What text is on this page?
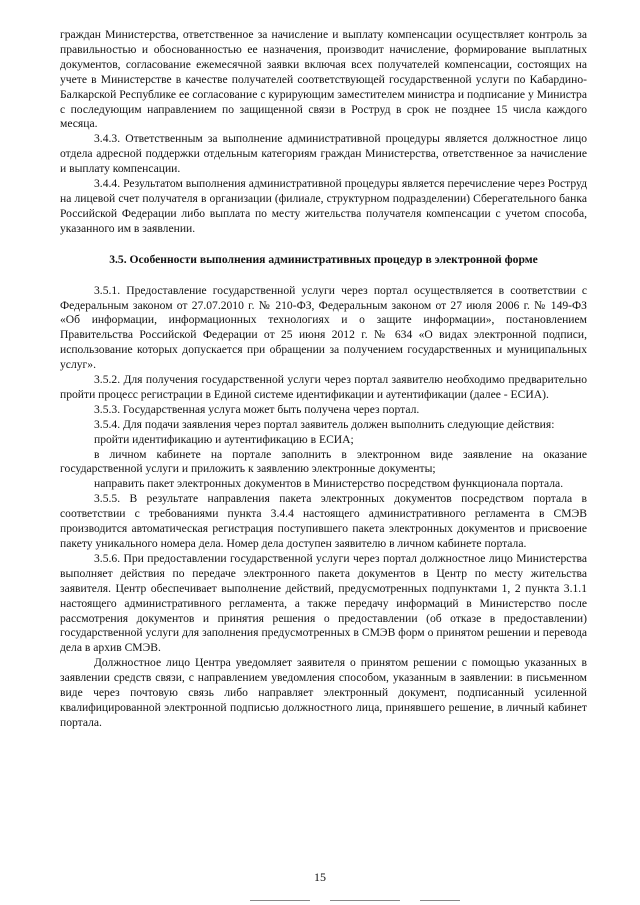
граждан Министерства, ответственное за начисление и выплату компенсации осуществляет контроль за правильностью и обоснованностью ее назначения, производит начисление, формирование выплатных документов, согласование ежемесячной заявки включая всех получателей компенсации, состоящих на учете в Министерстве в качестве получателей соответствующей государственной услуги по Кабардино-Балкарской Республике ее согласование с курирующим заместителем министра и подписание у Министра с последующим направлением по защищенной связи в Роструд в срок не позднее 15 числа каждого месяца.

3.4.3. Ответственным за выполнение административной процедуры является должностное лицо отдела адресной поддержки отдельным категориям граждан Министерства, ответственное за начисление и выплату компенсации.

3.4.4. Результатом выполнения административной процедуры является перечисление через Роструд на лицевой счет получателя в организации (филиале, структурном подразделении) Сберегательного банка Российской Федерации либо выплата по месту жительства получателя компенсации с учетом способа, указанного им в заявлении.

3.5. Особенности выполнения административных процедур в электронной форме

3.5.1. Предоставление государственной услуги через портал осуществляется в соответствии с Федеральным законом от 27.07.2010 г. № 210-ФЗ, Федеральным законом от 27 июля 2006 г. № 149-ФЗ «Об информации, информационных технологиях и о защите информации», постановлением Правительства Российской Федерации от 25 июня 2012 г. № 634 «О видах электронной подписи, использование которых допускается при обращении за получением государственных и муниципальных услуг».

3.5.2. Для получения государственной услуги через портал заявителю необходимо предварительно пройти процесс регистрации в Единой системе идентификации и аутентификации (далее - ЕСИА).

3.5.3. Государственная услуга может быть получена через портал.

3.5.4. Для подачи заявления через портал заявитель должен выполнить следующие действия:

пройти идентификацию и аутентификацию в ЕСИА;

в личном кабинете на портале заполнить в электронном виде заявление на оказание государственной услуги и приложить к заявлению электронные документы;

направить пакет электронных документов в Министерство посредством функционала портала.

3.5.5. В результате направления пакета электронных документов посредством портала в соответствии с требованиями пункта 3.4.4 настоящего административного регламента в СМЭВ производится автоматическая регистрация поступившего пакета электронных документов и присвоение пакету уникального номера дела. Номер дела доступен заявителю в личном кабинете портала.

3.5.6. При предоставлении государственной услуги через портал должностное лицо Министерства выполняет действия по передаче электронного пакета документов в Центр по месту жительства заявителя. Центр обеспечивает выполнение действий, предусмотренных подпунктами 1, 2 пункта 3.1.1 настоящего административного регламента, а также передачу информаций в Министерство после рассмотрения документов и принятия решения о предоставлении (об отказе в предоставлении) государственной услуги для заполнения предусмотренных в СМЭВ форм о принятом решении и перевода дела в архив СМЭВ.

Должностное лицо Центра уведомляет заявителя о принятом решении с помощью указанных в заявлении средств связи, с направлением уведомления способом, указанным в заявлении: в письменном виде через почтовую связь либо направляет электронный документ, подписанный усиленной квалифицированной электронной подписью должностного лица, принявшего решение, в личный кабинет портала.

15
